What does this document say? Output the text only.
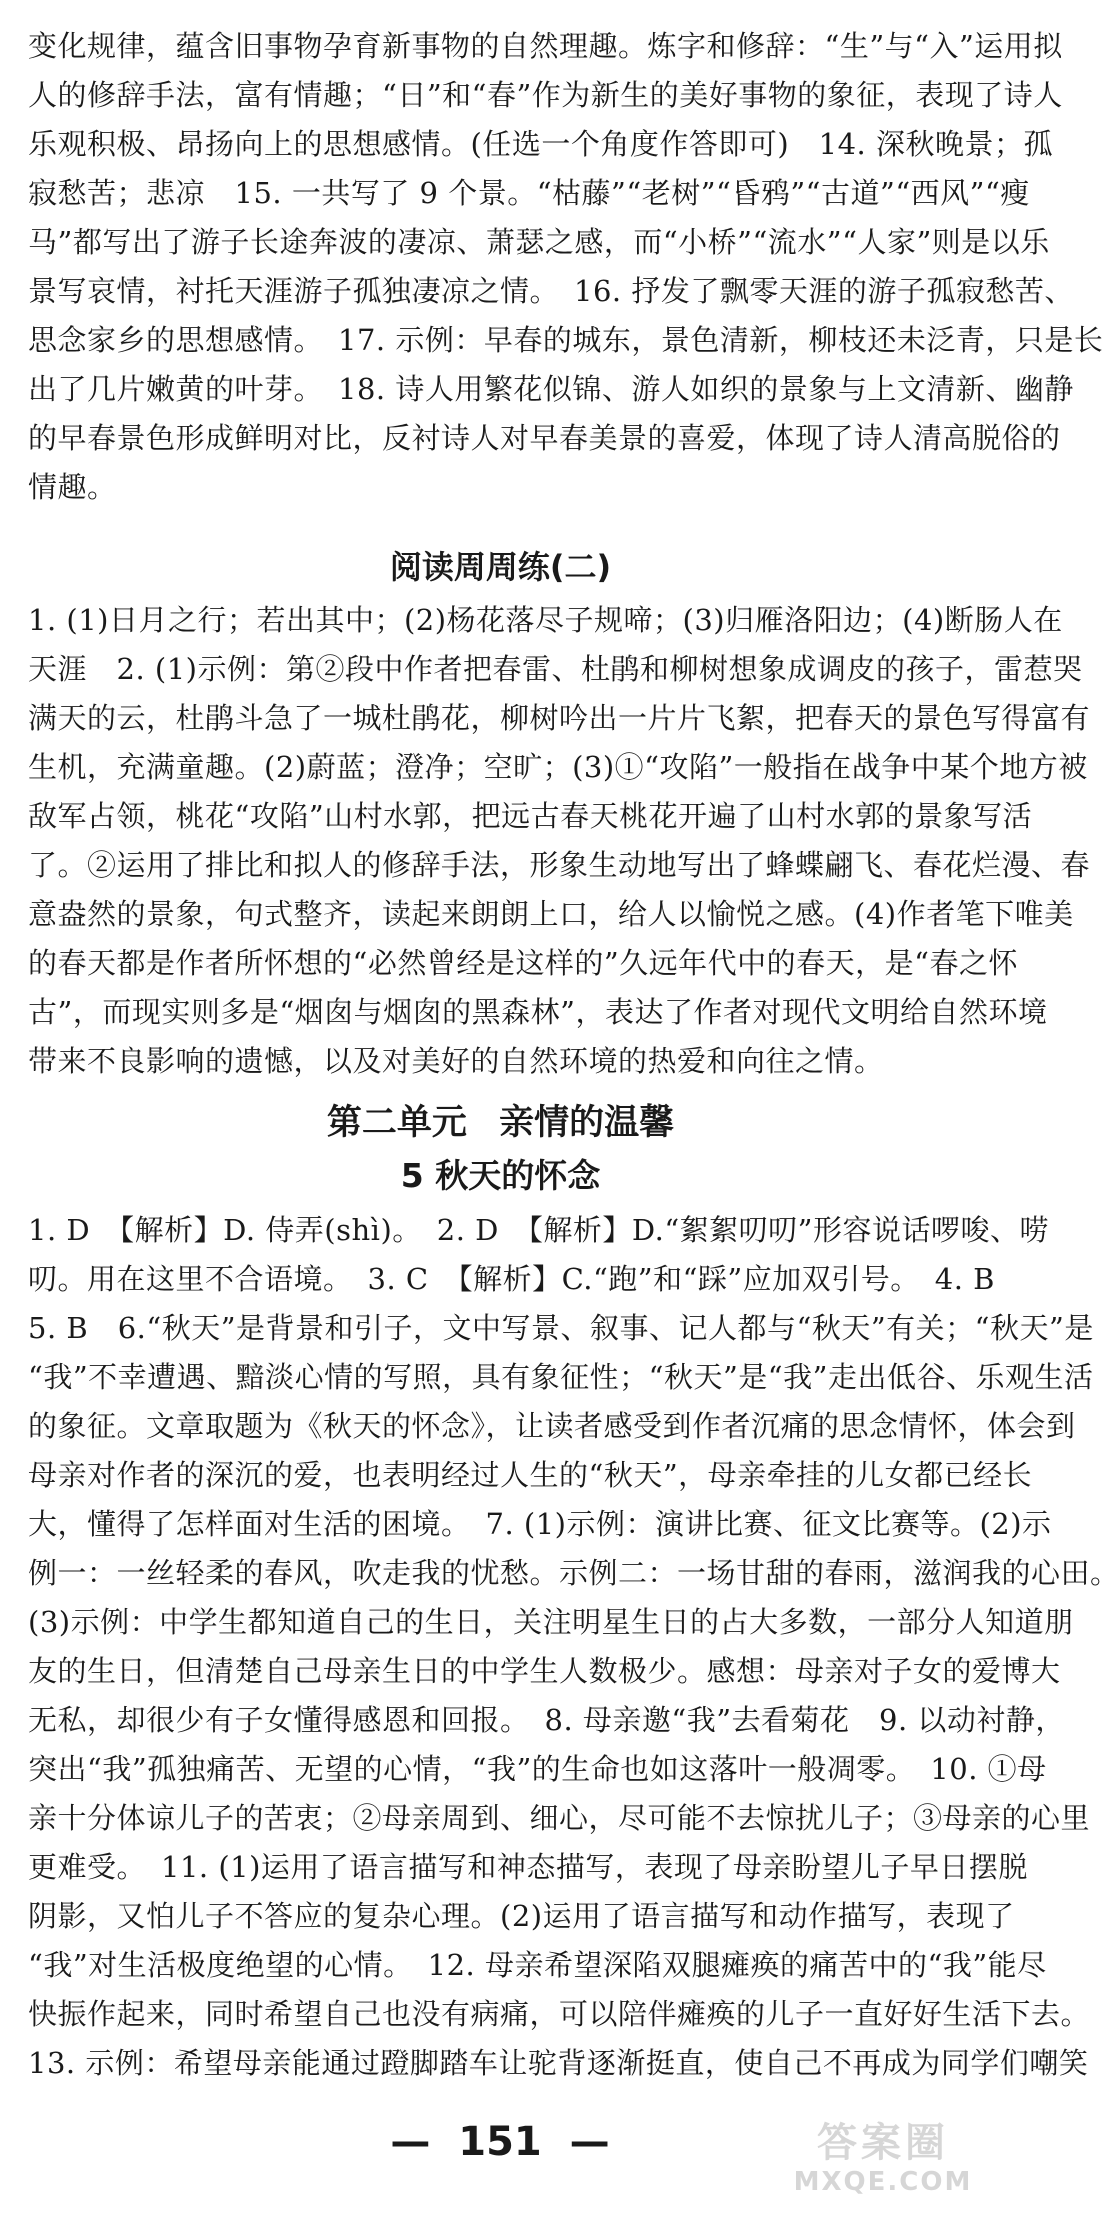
变化规律，蕴含旧事物孕育新事物的自然理趣。炼字和修辞：“生”与“入”运用拟
人的修辞手法，富有情趣；“日”和“春”作为新生的美好事物的象征，表现了诗人
乐观积极、昂扬向上的思想感情。(任选一个角度作答即可)　14. 深秋晚景；孤
寂愁苦；悲凉　15. 一共写了 9 个景。“枯藤”“老树”“昏鸦”“古道”“西风”“瘦
马”都写出了游子长途奔波的凄凉、萧瑟之感，而“小桥”“流水”“人家”则是以乐
景写哀情，衬托天涯游子孤独凄凉之情。　16. 抒发了飘零天涯的游子孤寂愁苦、
思念家乡的思想感情。　17. 示例：早春的城东，景色清新，柳枝还未泛青，只是长
出了几片嫩黄的叶芽。　18. 诗人用繁花似锦、游人如织的景象与上文清新、幽静
的早春景色形成鲜明对比，反衬诗人对早春美景的喜爱，体现了诗人清高脱俗的
情趣。
阅读周周练(二)
1. (1)日月之行；若出其中；(2)杨花落尽子规啼；(3)归雁洛阳边；(4)断肠人在
天涯　2. (1)示例：第②段中作者把春雷、杜鹃和柳树想象成调皮的孩子，雷惹哭
满天的云，杜鹃斗急了一城杜鹃花，柳树吟出一片片飞絮，把春天的景色写得富有
生机，充满童趣。(2)蔚蓝；澄净；空旷；(3)①“攻陷”一般指在战争中某个地方被
敌军占领，桃花“攻陷”山村水郭，把远古春天桃花开遍了山村水郭的景象写活
了。②运用了排比和拟人的修辞手法，形象生动地写出了蜂蝶翩飞、春花烂漫、春
意盎然的景象，句式整齐，读起来朗朗上口，给人以愉悦之感。(4)作者笔下唯美
的春天都是作者所怀想的“必然曾经是这样的”久远年代中的春天，是“春之怀
古”，而现实则多是“烟囱与烟囱的黑森林”，表达了作者对现代文明给自然环境
带来不良影响的遗憾，以及对美好的自然环境的热爱和向往之情。
第二单元 亲情的温馨
5 秋天的怀念
1. D　【解析】D. 侍弄(shì)。　2. D　【解析】D.“絮絮叨叨”形容说话啰唆、唠
叨。用在这里不合语境。　3. C　【解析】C.“跑”和“踩”应加双引号。　4. B
5. B　6.“秋天”是背景和引子，文中写景、叙事、记人都与“秋天”有关；“秋天”是
“我”不幸遭遇、黯淡心情的写照，具有象征性；“秋天”是“我”走出低谷、乐观生活
的象征。文章取题为《秋天的怀念》，让读者感受到作者沉痛的思念情怀，体会到
母亲对作者的深沉的爱，也表明经过人生的“秋天”，母亲牵挂的儿女都已经长
大，懂得了怎样面对生活的困境。　7. (1)示例：演讲比赛、征文比赛等。(2)示
例一：一丝轻柔的春风，吹走我的忧愁。示例二：一场甘甜的春雨，滋润我的心田。
(3)示例：中学生都知道自己的生日，关注明星生日的占大多数，一部分人知道朋
友的生日，但清楚自己母亲生日的中学生人数极少。感想：母亲对子女的爱博大
无私，却很少有子女懂得感恩和回报。　8. 母亲邀“我”去看菊花　9. 以动衬静，
突出“我”孤独痛苦、无望的心情，“我”的生命也如这落叶一般凋零。　10. ①母
亲十分体谅儿子的苦衷；②母亲周到、细心，尽可能不去惊扰儿子；③母亲的心里
更难受。　11. (1)运用了语言描写和神态描写，表现了母亲盼望儿子早日摆脱
阴影，又怕儿子不答应的复杂心理。(2)运用了语言描写和动作描写，表现了
“我”对生活极度绝望的心情。　12. 母亲希望深陷双腿瘫痪的痛苦中的“我”能尽
快振作起来，同时希望自己也没有病痛，可以陪伴瘫痪的儿子一直好好生活下去。
13. 示例：希望母亲能通过蹬脚踏车让驼背逐渐挺直，使自己不再成为同学们嘲笑
— 151 —	答案圈
MXQE.COM
